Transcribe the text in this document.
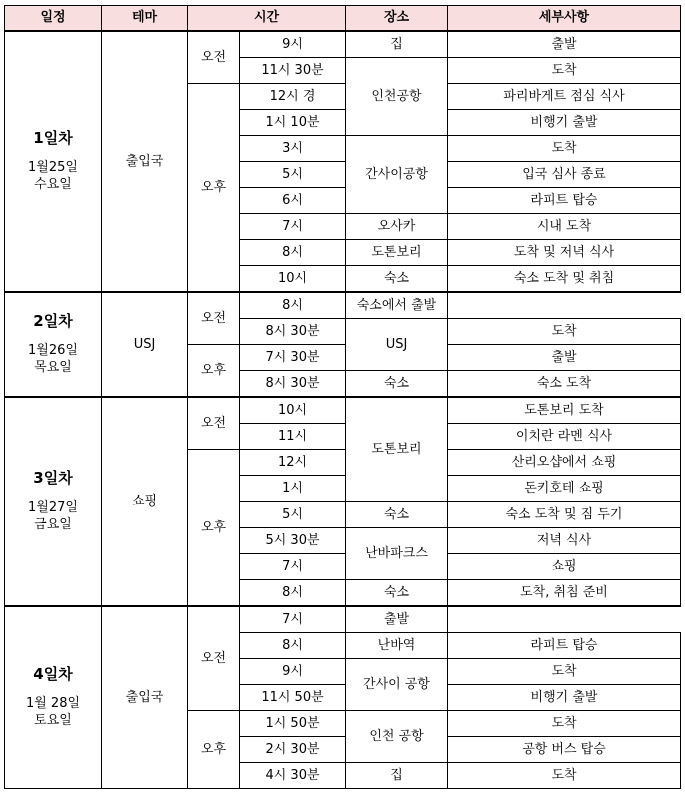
일정	테마	시간		장소	세부사항

1일차
1월25일
수요일	출입국	오전	9시	집	출발
			11시 30분	인천공항	도착
		오후	12시 경		파리바게트 점심 식사
			1시 10분		비행기 출발
			3시	간사이공항	도착
			5시		입국 심사 종료
			6시		라피트 탑승
			7시	오사카	시내 도착
			8시	도톤보리	도착 및 저녁 식사
			10시	숙소	숙소 도착 및 취침

2일차
1월26일
목요일	USJ	오전	8시	숙소에서 출발	
			8시 30분	USJ	도착
		오후	7시 30분		출발
			8시 30분	숙소	숙소 도착

3일차
1월27일
금요일	쇼핑	오전	10시	도톤보리	도톤보리 도착
			11시		이치란 라멘 식사
		오후	12시		산리오샵에서 쇼핑
			1시		돈키호테 쇼핑
			5시	숙소	숙소 도착 및 짐 두기
			5시 30분	난바파크스	저녁 식사
			7시		쇼핑
			8시	숙소	도착, 취침 준비

4일차
1월 28일
토요일	출입국	오전	7시	출발	
			8시	난바역	라피트 탑승
			9시	간사이 공항	도착
			11시 50분		비행기 출발
		오후	1시 50분	인천 공항	도착
			2시 30분		공항 버스 탑승
			4시 30분	집	도착
